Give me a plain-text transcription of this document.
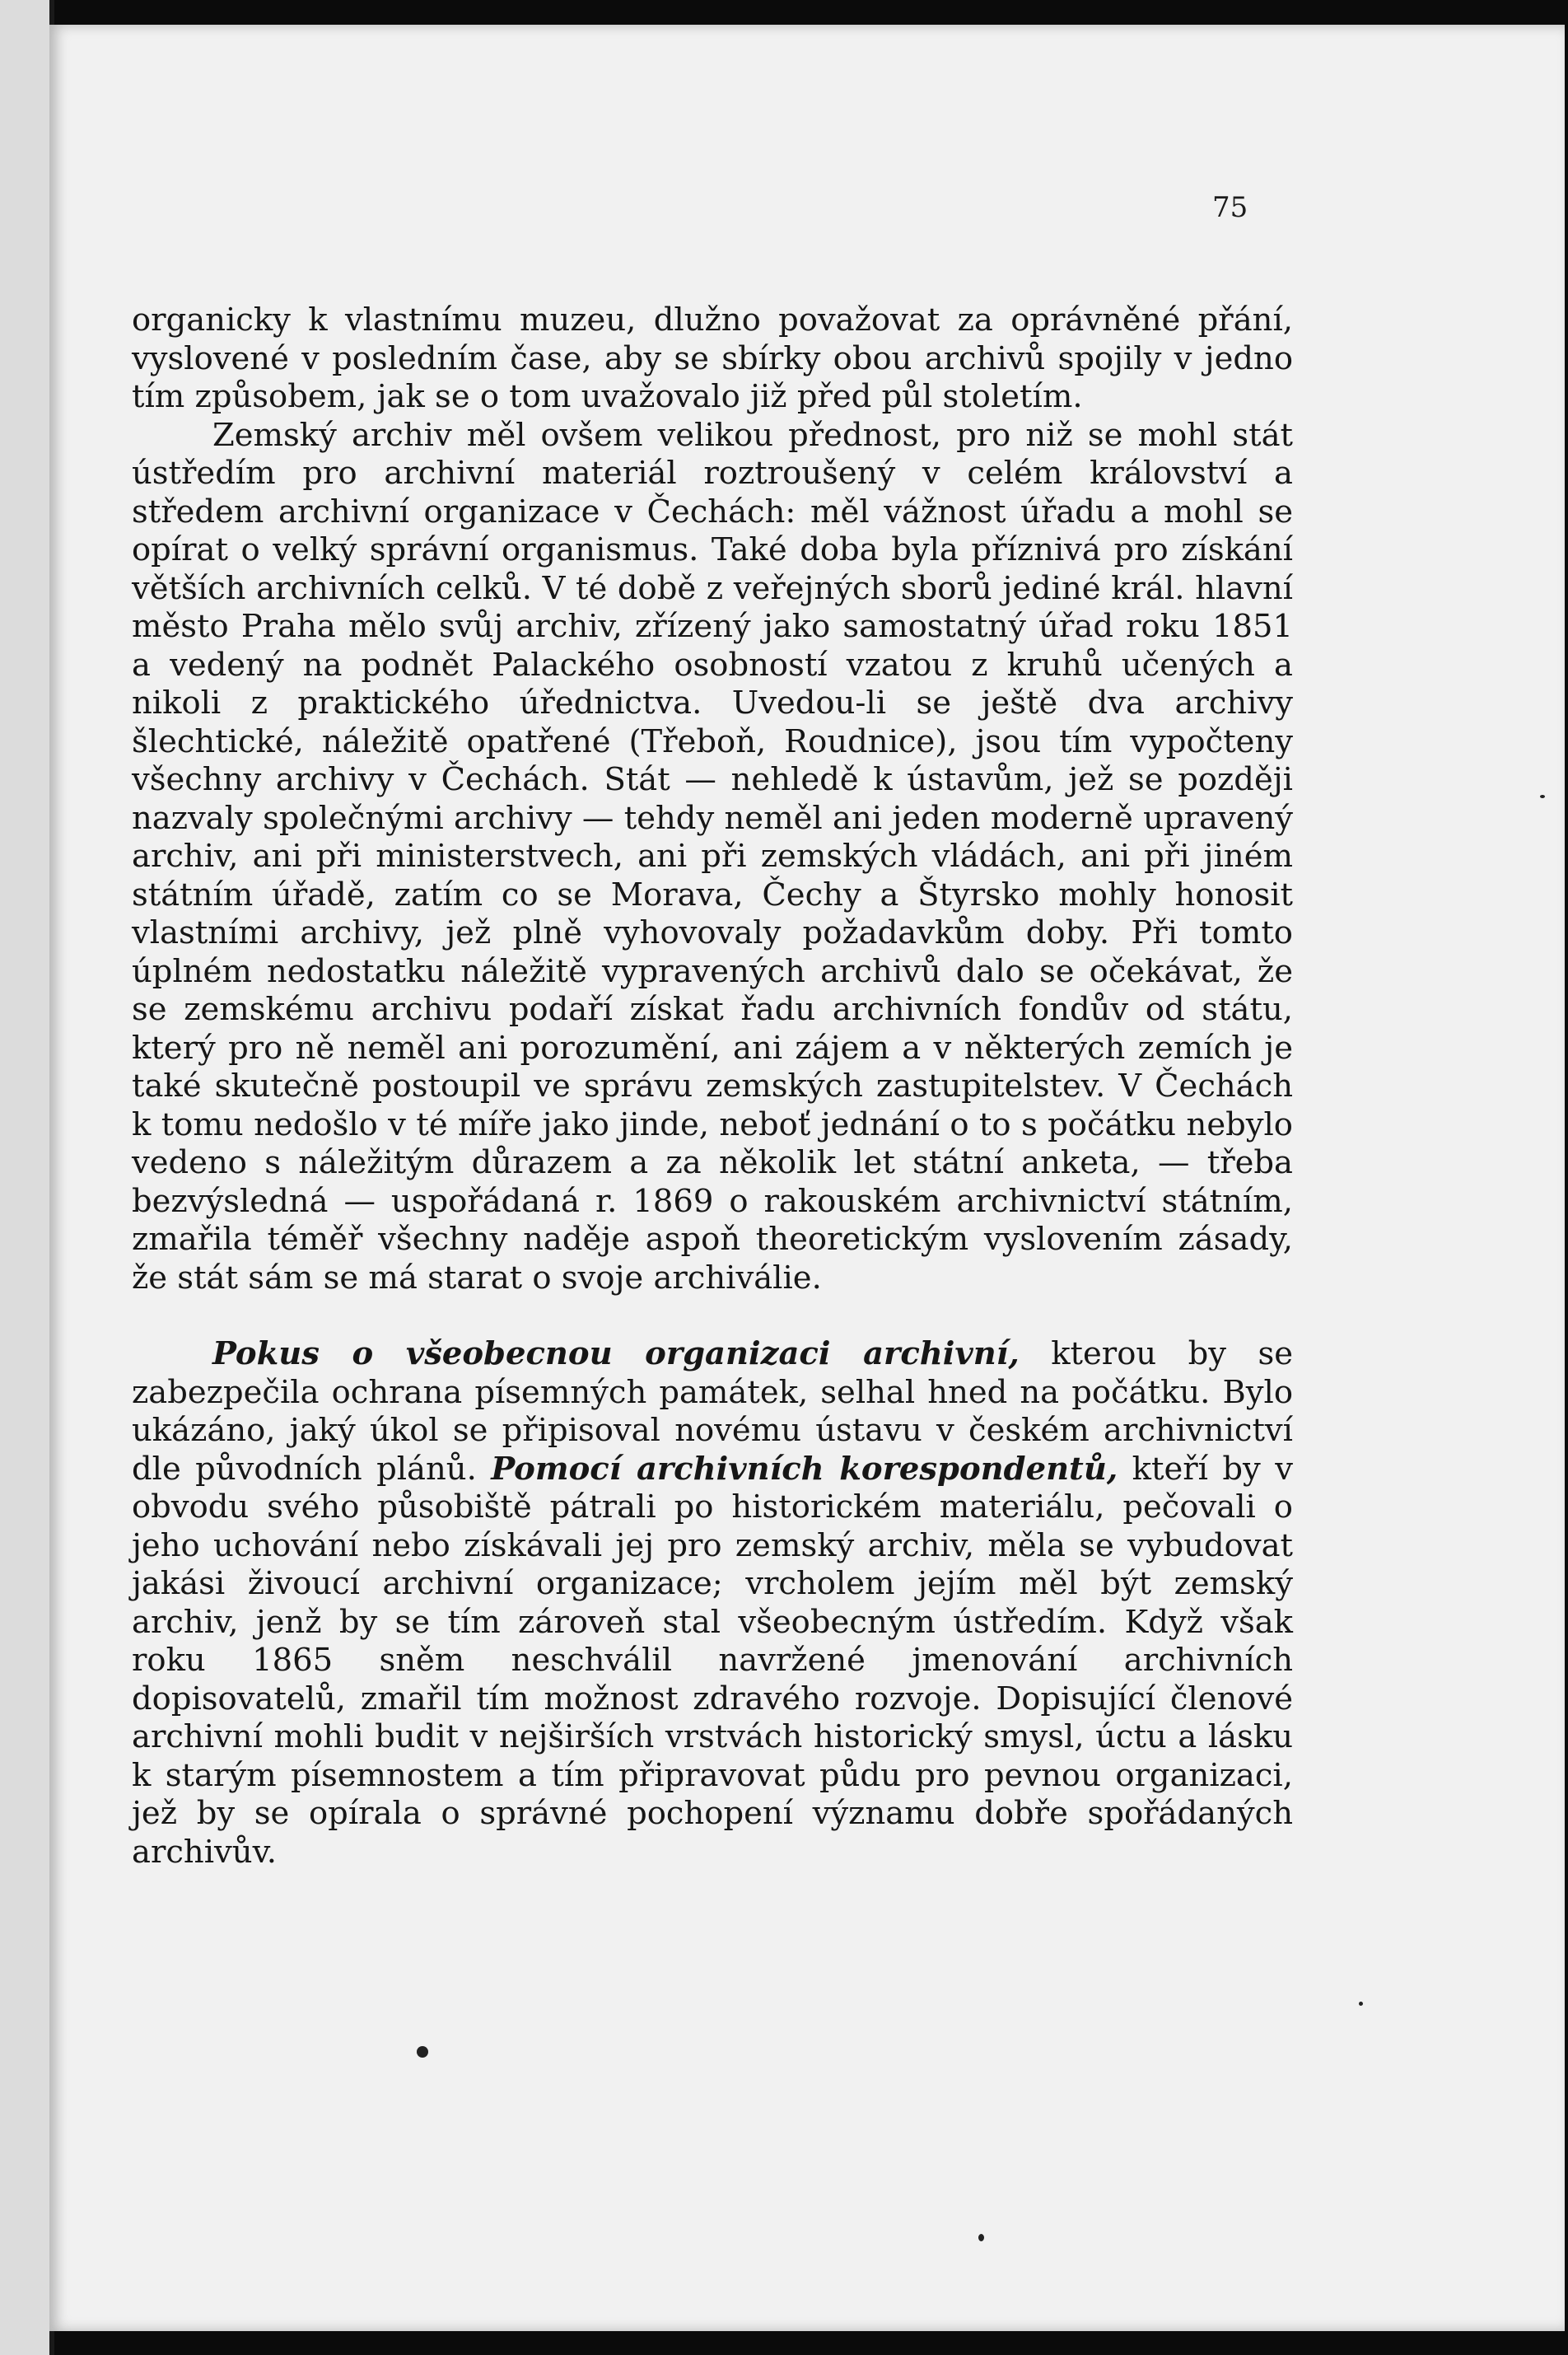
75

organicky k vlastnímu muzeu, dlužno považovat za oprávněné přání, vyslovené v posledním čase, aby se sbírky obou archivů spojily v jedno tím způsobem, jak se o tom uvažovalo již před půl stoletím.

Zemský archiv měl ovšem velikou přednost, pro niž se mohl stát ústředím pro archivní materiál roztroušený v celém království a středem archivní organizace v Čechách: měl vážnost úřadu a mohl se opírat o velký správní organismus. Také doba byla příznivá pro získání větších archivních celků. V té době z veřejných sborů jediné král. hlavní město Praha mělo svůj archiv, zřízený jako samostatný úřad roku 1851 a vedený na podnět Palackého osobností vzatou z kruhů učených a nikoli z praktického úřednictva. Uvedou-li se ještě dva archivy šlechtické, náležitě opatřené (Třeboň, Roudnice), jsou tím vypočteny všechny archivy v Čechách. Stát — nehledě k ústavům, jež se později nazvaly společnými archivy — tehdy neměl ani jeden moderně upravený archiv, ani při ministerstvech, ani při zemských vládách, ani při jiném státním úřadě, zatím co se Morava, Čechy a Štyrsko mohly honosit vlastními archivy, jež plně vyhovovaly požadavkům doby. Při tomto úplném nedostatku náležitě vypravených archivů dalo se očekávat, že se zemskému archivu podaří získat řadu archivních fondův od státu, který pro ně neměl ani porozumění, ani zájem a v některých zemích je také skutečně postoupil ve správu zemských zastupitelstev. V Čechách k tomu nedošlo v té míře jako jinde, neboť jednání o to s počátku nebylo vedeno s náležitým důrazem a za několik let státní anketa, — třeba bezvýsledná — uspořádaná r. 1869 o rakouském archivnictví státním, zmařila téměř všechny naděje aspoň theoretickým vyslovením zásady, že stát sám se má starat o svoje archiválie.

Pokus o všeobecnou organizaci archivní, kterou by se zabezpečila ochrana písemných památek, selhal hned na počátku. Bylo ukázáno, jaký úkol se připisoval novému ústavu v českém archivnictví dle původních plánů. Pomocí archivních korespondentů, kteří by v obvodu svého působiště pátrali po historickém materiálu, pečovali o jeho uchování nebo získávali jej pro zemský archiv, měla se vybudovat jakási živoucí archivní organizace; vrcholem jejím měl být zemský archiv, jenž by se tím zároveň stal všeobecným ústředím. Když však roku 1865 sněm neschválil navržené jmenování archivních dopisovatelů, zmařil tím možnost zdravého rozvoje. Dopisující členové archivní mohli budit v nejširších vrstvách historický smysl, úctu a lásku k starým písemnostem a tím připravovat půdu pro pevnou organizaci, jež by se opírala o správné pochopení významu dobře spořádaných archivův.
